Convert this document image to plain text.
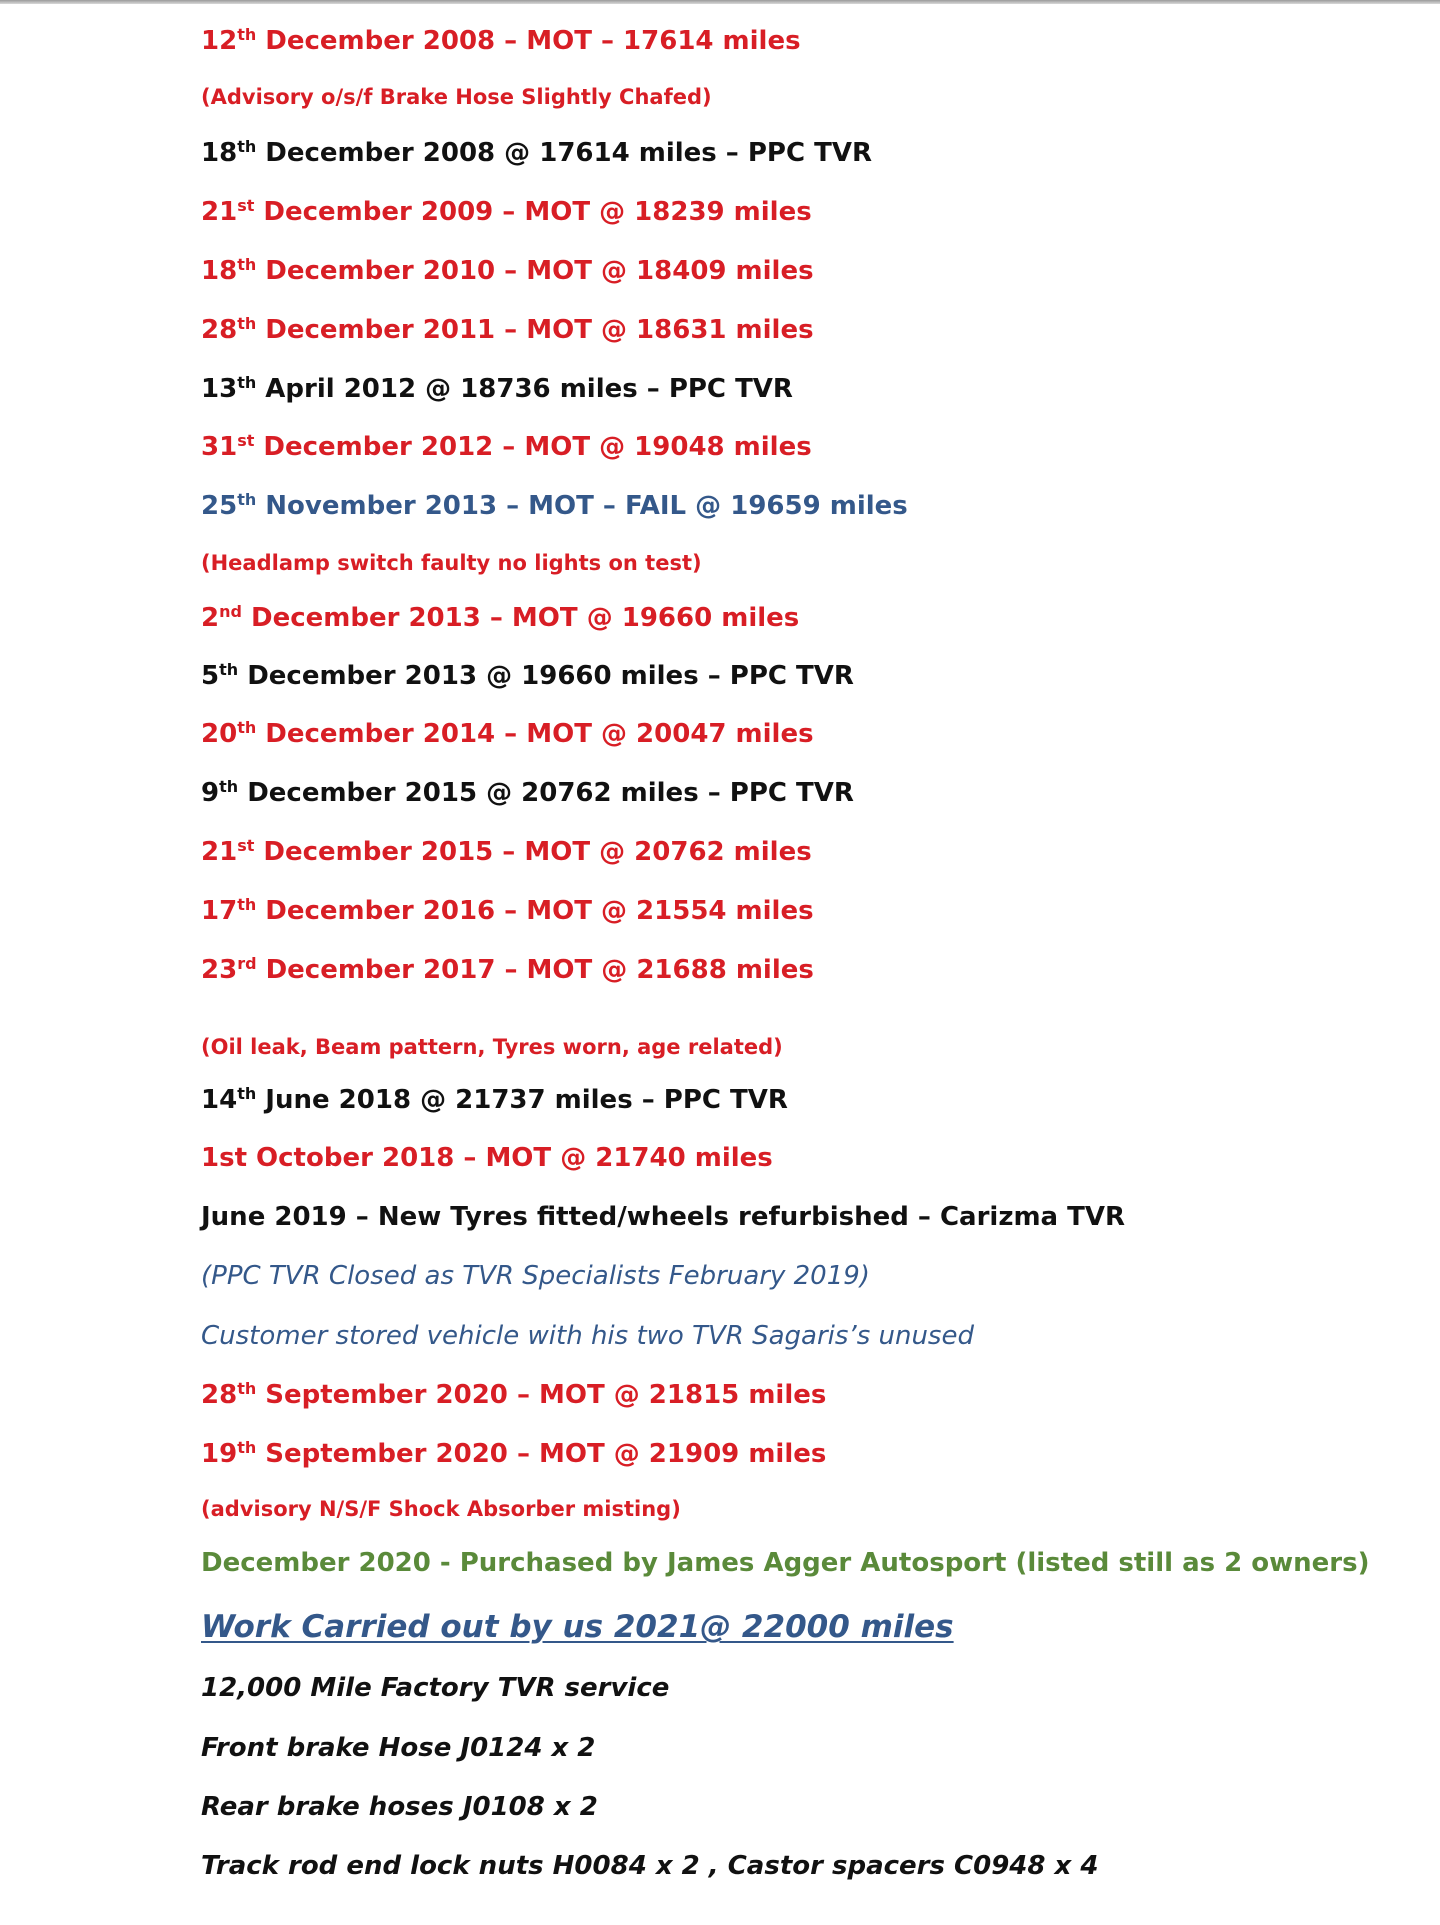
12th December 2008 – MOT – 17614 miles

(Advisory o/s/f Brake Hose Slightly Chafed)

18th December 2008 @ 17614 miles – PPC TVR

21st December 2009 – MOT @ 18239 miles

18th December 2010 – MOT @ 18409 miles

28th December 2011 – MOT @ 18631 miles

13th April 2012 @ 18736 miles – PPC TVR

31st December 2012 – MOT @ 19048 miles

25th November 2013 – MOT – FAIL @ 19659 miles

(Headlamp switch faulty no lights on test)

2nd December 2013 – MOT @ 19660 miles

5th December 2013 @ 19660 miles – PPC TVR

20th December 2014 – MOT @ 20047 miles

9th December 2015 @ 20762 miles – PPC TVR

21st December 2015 – MOT @ 20762 miles

17th December 2016 – MOT @ 21554 miles

23rd December 2017 – MOT @ 21688 miles

(Oil leak, Beam pattern, Tyres worn, age related)

14th June 2018 @ 21737 miles – PPC TVR

1st October 2018 – MOT @ 21740 miles

June 2019 – New Tyres fitted/wheels refurbished – Carizma TVR

(PPC TVR Closed as TVR Specialists February 2019)

Customer stored vehicle with his two TVR Sagaris’s unused

28th September 2020 – MOT @ 21815 miles

19th September 2020 – MOT @ 21909 miles

(advisory N/S/F Shock Absorber misting)

December 2020 - Purchased by James Agger Autosport (listed still as 2 owners)

Work Carried out by us 2021@ 22000 miles

12,000 Mile Factory TVR service

Front brake Hose J0124 x 2

Rear brake hoses J0108 x 2

Track rod end lock nuts H0084 x 2 , Castor spacers C0948 x 4
